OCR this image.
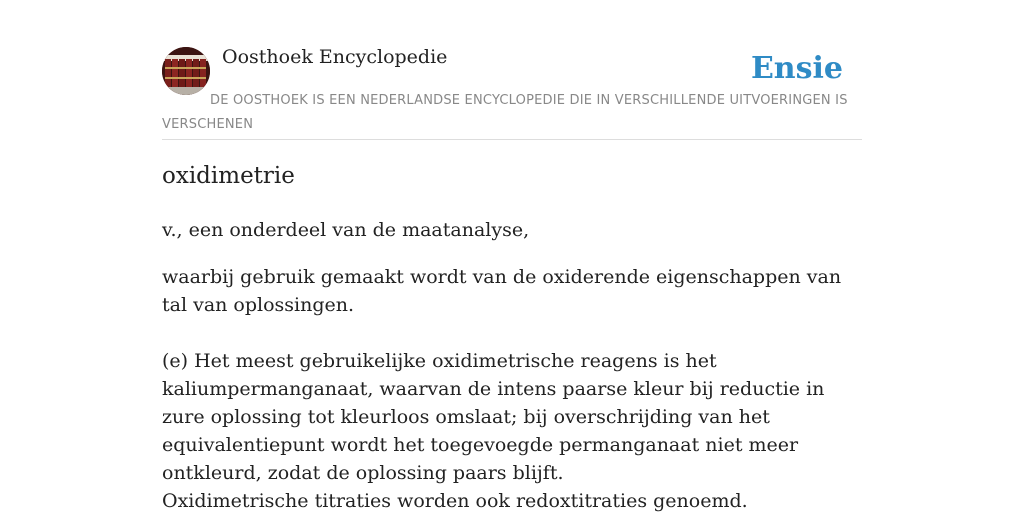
Oosthoek Encyclopedie	Ensie
DE OOSTHOEK IS EEN NEDERLANDSE ENCYCLOPEDIE DIE IN VERSCHILLENDE UITVOERINGEN IS VERSCHENEN
oxidimetrie

v., een onderdeel van de maatanalyse,

waarbij gebruik gemaakt wordt van de oxiderende eigenschappen van tal van oplossingen.

(e) Het meest gebruikelijke oxidimetrische reagens is het kaliumpermanganaat, waarvan de intens paarse kleur bij reductie in zure oplossing tot kleurloos omslaat; bij overschrijding van het equivalentiepunt wordt het toegevoegde permanganaat niet meer ontkleurd, zodat de oplossing paars blijft.

Oxidimetrische titraties worden ook redoxtitraties genoemd.
